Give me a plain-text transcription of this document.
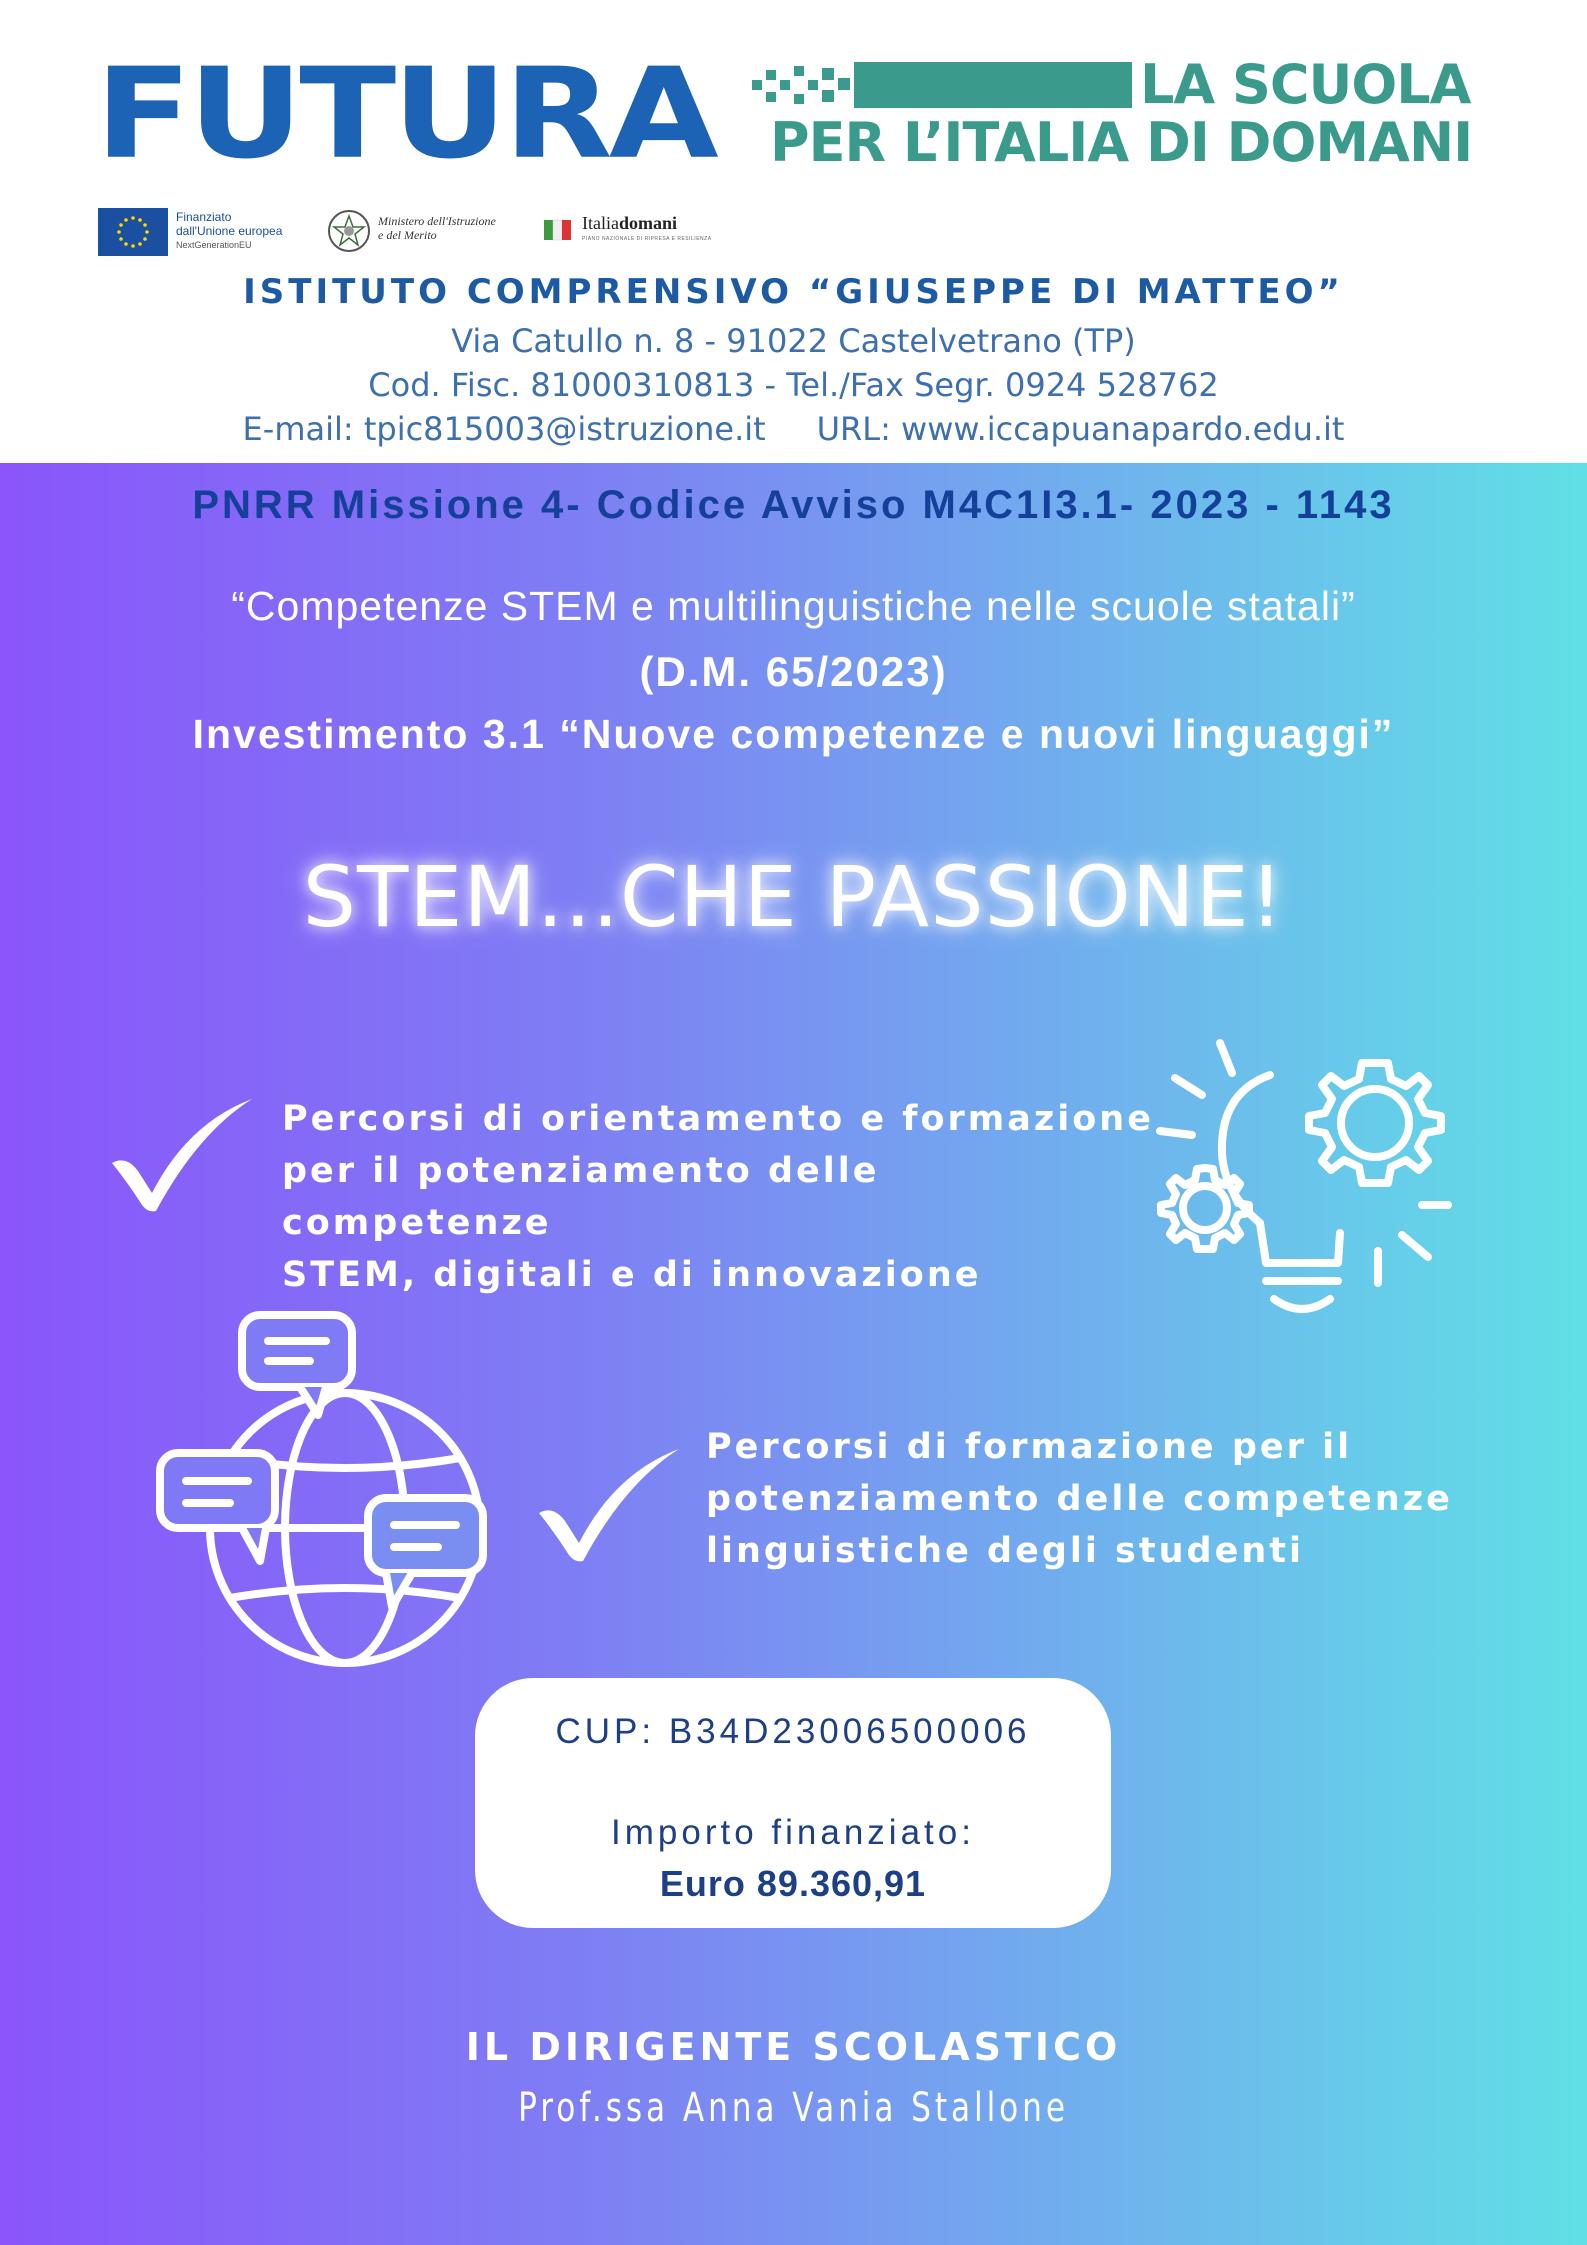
FUTURA	LA SCUOLA
PER L’ITALIA DI DOMANI
Finanziato
dall'Unione europea
NextGenerationEU
Ministero dell'Istruzione
e del Merito
Italiadomani
PIANO NAZIONALE DI RIPRESA E RESILIENZA
ISTITUTO COMPRENSIVO “GIUSEPPE DI MATTEO”
Via Catullo n. 8 - 91022 Castelvetrano (TP)
Cod. Fisc. 81000310813 - Tel./Fax Segr. 0924 528762
E-mail: tpic815003@istruzione.it     URL: www.iccapuanapardo.edu.it
PNRR Missione 4- Codice Avviso M4C1I3.1- 2023 - 1143
“Competenze STEM e multilinguistiche nelle scuole statali”
(D.M. 65/2023)
Investimento 3.1 “Nuove competenze e nuovi linguaggi”
STEM...CHE PASSIONE!
Percorsi di orientamento e formazione
per il potenziamento delle competenze
STEM, digitali e di innovazione
Percorsi di formazione per il
potenziamento delle competenze
linguistiche degli studenti
CUP: B34D23006500006
Importo finanziato:
Euro 89.360,91
IL DIRIGENTE SCOLASTICO
Prof.ssa Anna Vania Stallone
